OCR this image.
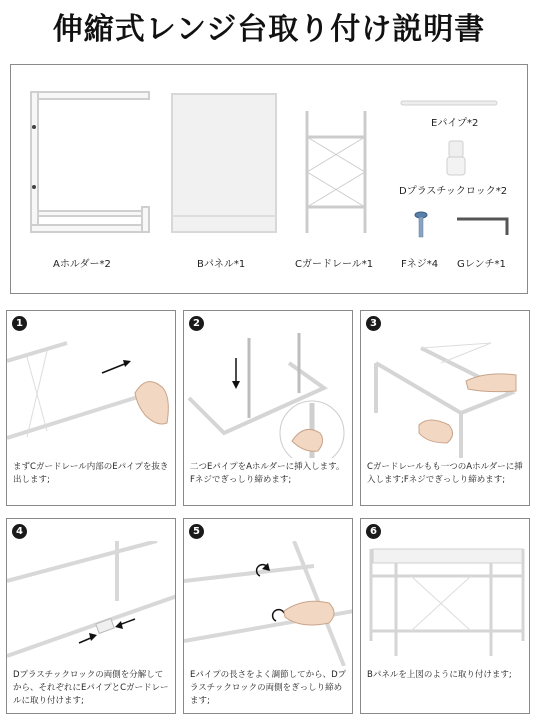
伸縮式レンジ台取り付け説明書
Aホルダー*2	Bパネル*1	Cガードレール*1
Eパイプ*2
Dプラスチックロック*2
Fネジ*4 Gレンチ*1
1
まずCガードレール内部のEパイプを抜き出します;
2
二つEパイプをAホルダーに挿入します。Fネジでぎっしり締めます;
3
Cガードレールもも一つのAホルダーに挿入します;Fネジでぎっしり締めます;
4
Dプラスチックロックの両側を分解してから、それぞれにEパイプとCガードレールに取り付けます;
5
Eパイプの長さをよく調節してから、Dプラスチックロックの両側をぎっしり締めます;
6
Bパネルを上図のように取り付けます;
